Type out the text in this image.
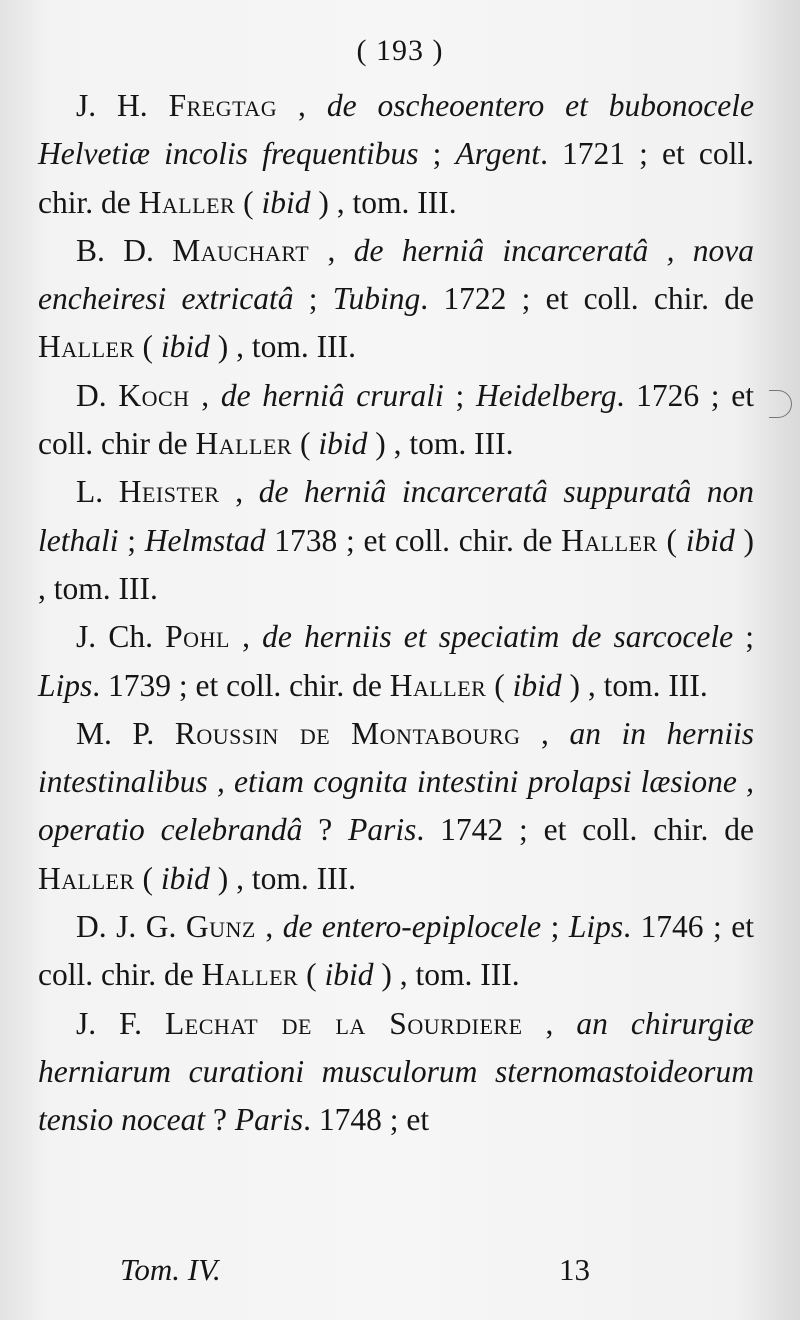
( 193 )

J. H. Fregtag , de oscheoentero et bubonocele Helvetiæ incolis frequentibus ; Argent. 1721 ; et coll. chir. de Haller ( ibid ) , tom. III.

B. D. Mauchart , de herniâ incarceratâ , nova encheiresi extricatâ ; Tubing. 1722 ; et coll. chir. de Haller ( ibid ) , tom. III.

D. Koch , de herniâ crurali ; Heidelberg. 1726 ; et coll. chir de Haller ( ibid ) , tom. III.

L. Heister , de herniâ incarceratâ suppuratâ non lethali ; Helmstad 1738 ; et coll. chir. de Haller ( ibid ) , tom. III.

J. Ch. Pohl , de herniis et speciatim de sarcocele ; Lips. 1739 ; et coll. chir. de Haller ( ibid ) , tom. III.

M. P. Roussin de Montabourg , an in herniis intestinalibus , etiam cognita intestini prolapsi læsione , operatio celebrandâ ? Paris. 1742 ; et coll. chir. de Haller ( ibid ) , tom. III.

D. J. G. Gunz , de entero-epiplocele ; Lips. 1746 ; et coll. chir. de Haller ( ibid ) , tom. III.

J. F. Lechat de la Sourdiere , an chirurgiæ herniarum curationi musculorum sternomastoideorum tensio noceat ? Paris. 1748 ; et

Tom. IV.	13
